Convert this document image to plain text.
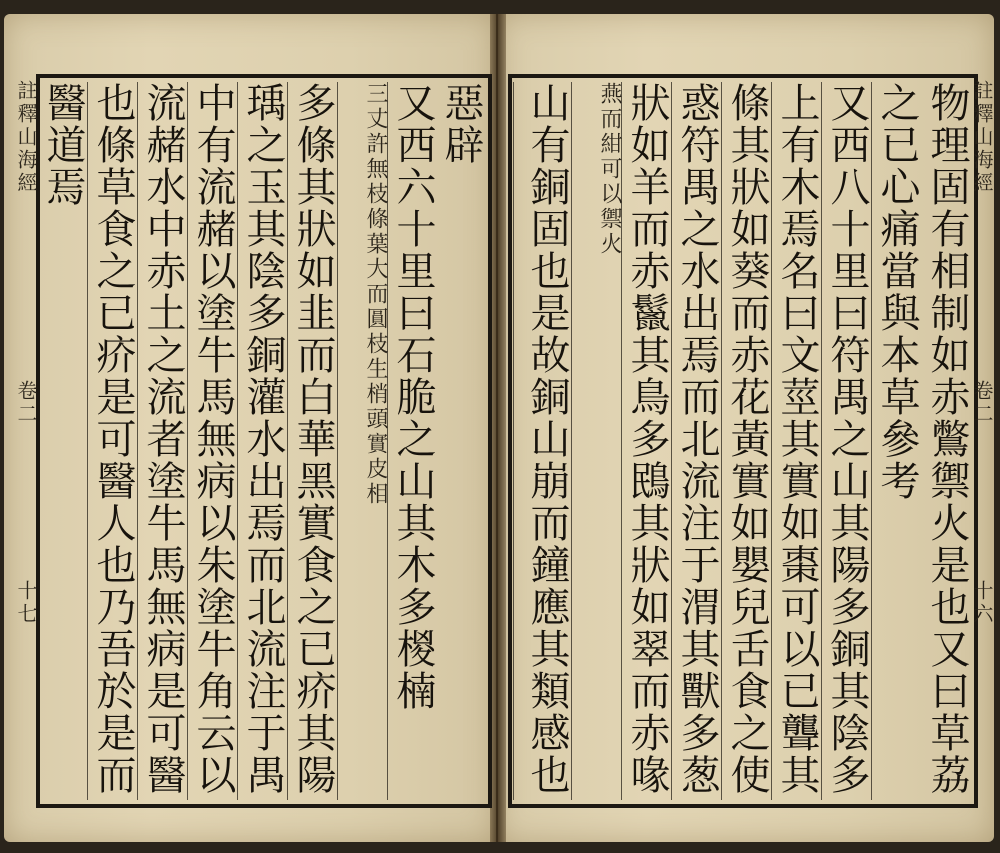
惡辟
又西六十里曰石脆之山其木多椶楠
三丈許無枝條葉大而圓枝生梢頭實皮相
多條其狀如韭而白華黑實食之已疥其陽
瑀之玉其陰多銅灌水出焉而北流注于禺
中有流赭以塗牛馬無病以朱塗牛角云以
流赭水中赤土之流者塗牛馬無病是可醫
也條草食之已疥是可醫人也乃吾於是而
醫道焉
註釋山海經
卷二
十七
物理固有相制如赤鷩禦火是也又曰草荔
之已心痛當與本草參考
又西八十里曰符禺之山其陽多銅其陰多
上有木焉名曰文莖其實如棗可以已聾其
條其狀如葵而赤花黃實如嬰兒舌食之使
惑符禺之水出焉而北流注于渭其獸多葱
狀如羊而赤鬣其鳥多鴖其狀如翠而赤喙
燕而紺可以禦火
山有銅固也是故銅山崩而鐘應其類感也	註釋山海經
卷二
十六
